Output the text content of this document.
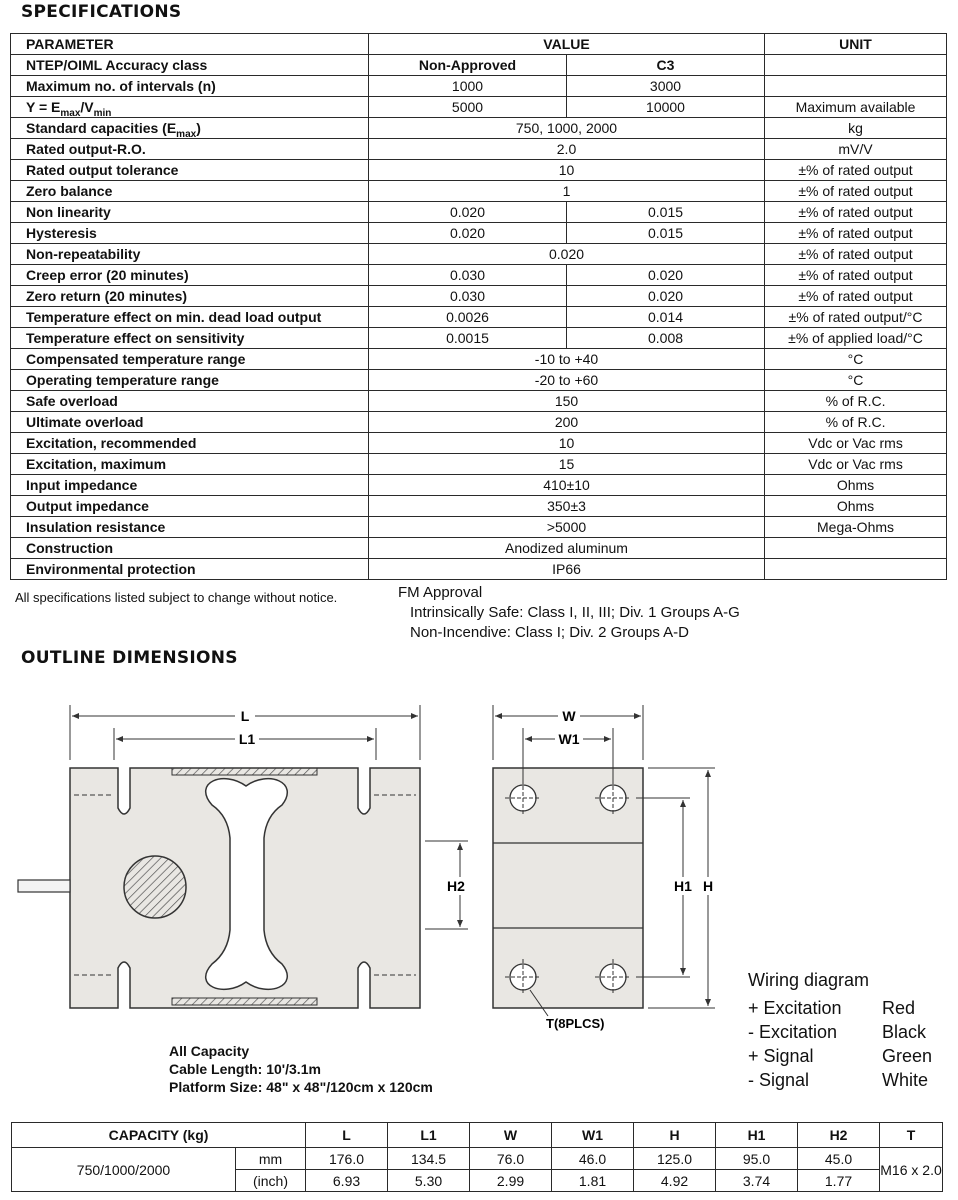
SPECIFICATIONS
PARAMETER	VALUE		UNIT
NTEP/OIML Accuracy class	Non-Approved	C3	
Maximum no. of intervals (n)	1000	3000	
$Y = E_{max}/V_{min}$	5000	10000	Maximum available
Standard capacities $(E_{max})$	750, 1000, 2000		kg
Rated output-R.O.	2.0		mV/V
Rated output tolerance	10		±% of rated output
Zero balance	1		±% of rated output
Non linearity	0.020	0.015	±% of rated output
Hysteresis	0.020	0.015	±% of rated output
Non-repeatability	0.020		±% of rated output
Creep error (20 minutes)	0.030	0.020	±% of rated output
Zero return (20 minutes)	0.030	0.020	±% of rated output
Temperature effect on min. dead load output	0.0026	0.014	±% of rated output/°C
Temperature effect on sensitivity	0.0015	0.008	±% of applied load/°C
Compensated temperature range	-10 to +40		°C
Operating temperature range	-20 to +60		°C
Safe overload	150		% of R.C.
Ultimate overload	200		% of R.C.
Excitation, recommended	10		Vdc or Vac rms
Excitation, maximum	15		Vdc or Vac rms
Input impedance	410±10		Ohms
Output impedance	350±3		Ohms
Insulation resistance	>5000		Mega-Ohms
Construction	Anodized aluminum		
Environmental protection	IP66		
All specifications listed subject to change without notice.	FM Approval
Intrinsically Safe: Class I, II, III; Div. 1 Groups A-G
Non-Incendive: Class I; Div. 2 Groups A-D
OUTLINE DIMENSIONS
L
L1
H2
W
W1
H1 H
T(8PLCS)
All Capacity
Cable Length: 10'/3.1m
Platform Size: 48" x 48"/120cm x 120cm
Wiring diagram
+ Excitation	Red
- Excitation	Black
+ Signal	Green
- Signal	White
CAPACITY (kg)		L	L1	W	W1	H	H1	H2	T
750/1000/2000	mm	176.0	134.5	76.0	46.0	125.0	95.0	45.0	M16 x 2.0
	(inch)	6.93	5.30	2.99	1.81	4.92	3.74	1.77	
